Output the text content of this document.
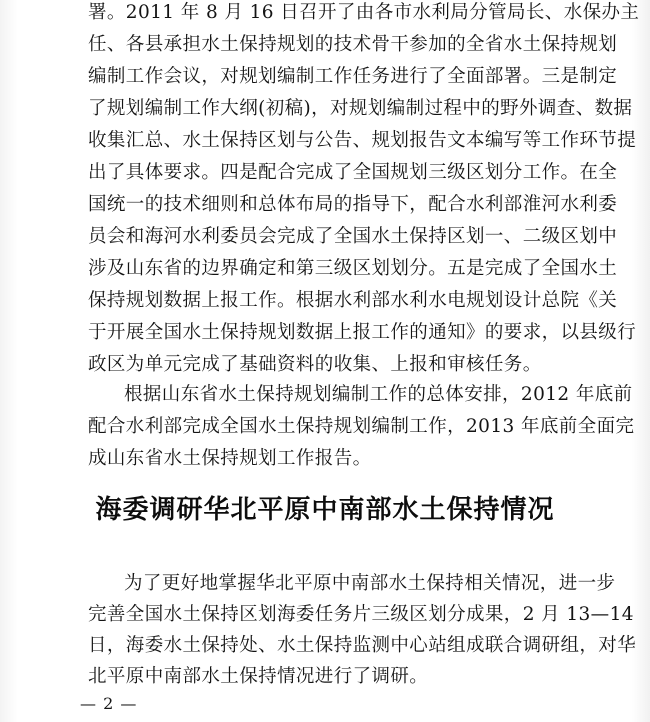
署。2011 年 8 月 16 日召开了由各市水利局分管局长、水保办主
任、各县承担水土保持规划的技术骨干参加的全省水土保持规划
编制工作会议，对规划编制工作任务进行了全面部署。三是制定
了规划编制工作大纲(初稿)，对规划编制过程中的野外调查、数据
收集汇总、水土保持区划与公告、规划报告文本编写等工作环节提
出了具体要求。四是配合完成了全国规划三级区划分工作。在全
国统一的技术细则和总体布局的指导下，配合水利部淮河水利委
员会和海河水利委员会完成了全国水土保持区划一、二级区划中
涉及山东省的边界确定和第三级区划划分。五是完成了全国水土
保持规划数据上报工作。根据水利部水利水电规划设计总院《关
于开展全国水土保持规划数据上报工作的通知》的要求，以县级行
政区为单元完成了基础资料的收集、上报和审核任务。
根据山东省水土保持规划编制工作的总体安排，2012 年底前
配合水利部完成全国水土保持规划编制工作，2013 年底前全面完
成山东省水土保持规划工作报告。
海委调研华北平原中南部水土保持情况
为了更好地掌握华北平原中南部水土保持相关情况，进一步
完善全国水土保持区划海委任务片三级区划分成果，2 月 13—14
日，海委水土保持处、水土保持监测中心站组成联合调研组，对华
北平原中南部水土保持情况进行了调研。
— 2 —
